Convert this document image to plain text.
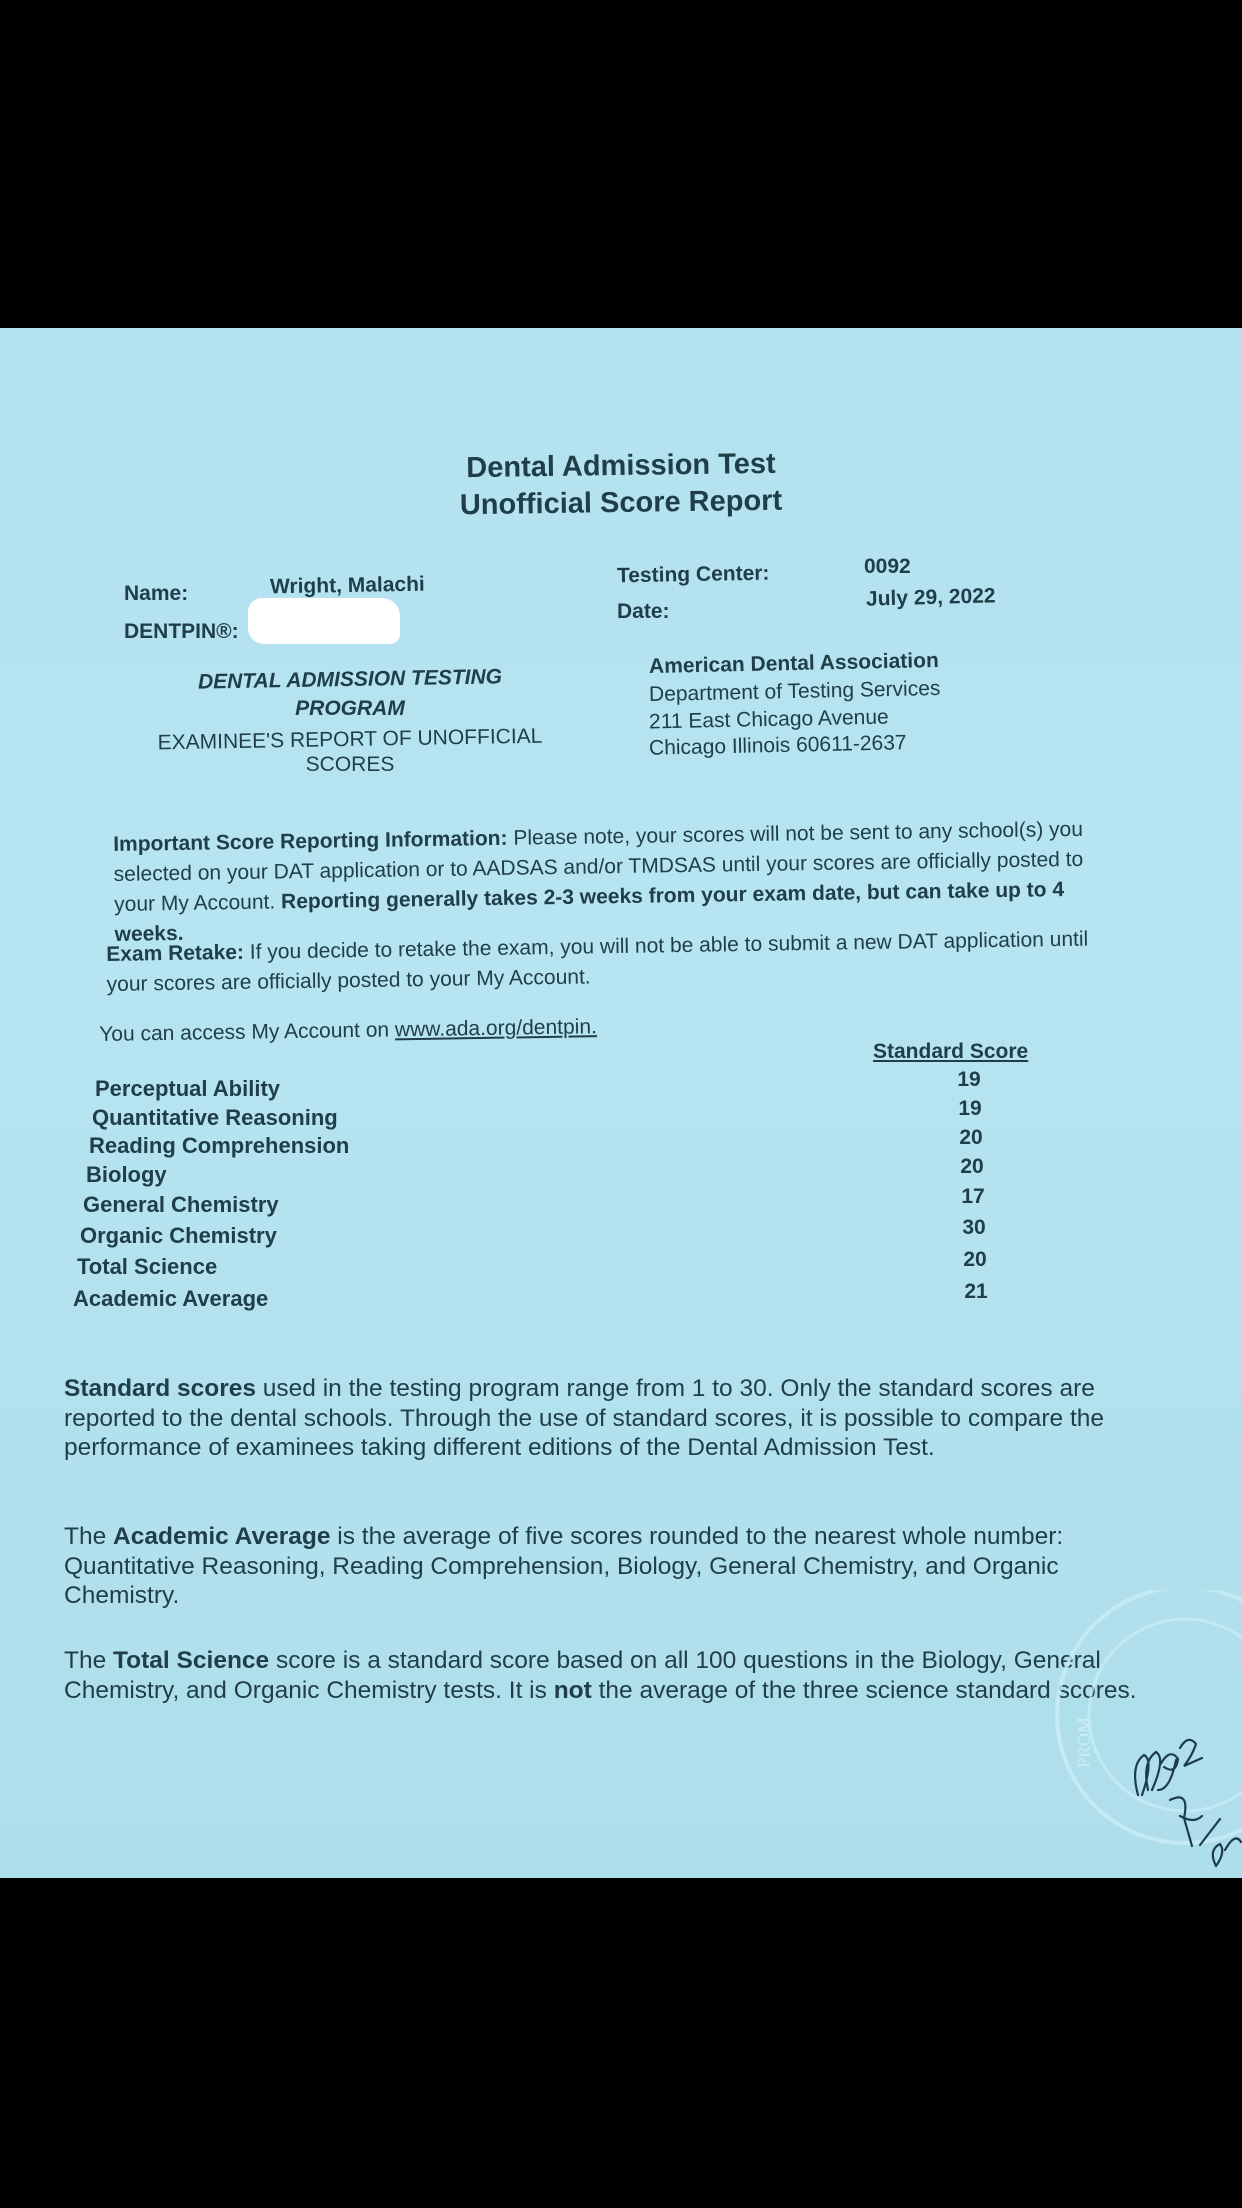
Dental Admission Test
Unofficial Score Report
Name:	Wright, Malachi
DENTPIN®:
Testing Center:	0092
Date:
July 29, 2022
DENTAL ADMISSION TESTING
PROGRAM
EXAMINEE'S REPORT OF UNOFFICIAL
SCORES
American Dental Association
Department of Testing Services
211 East Chicago Avenue
Chicago Illinois 60611-2637
Important Score Reporting Information: Please note, your scores will not be sent to any school(s) you selected on your DAT application or to AADSAS and/or TMDSAS until your scores are officially posted to your My Account. Reporting generally takes 2-3 weeks from your exam date, but can take up to 4 weeks.
Exam Retake: If you decide to retake the exam, you will not be able to submit a new DAT application until your scores are officially posted to your My Account.
You can access My Account on www.ada.org/dentpin.
Standard Score
Perceptual Ability	19
Quantitative Reasoning	19
Reading Comprehension	20
Biology	20
General Chemistry	17
Organic Chemistry	30
Total Science	20
Academic Average	21
Standard scores used in the testing program range from 1 to 30. Only the standard scores are reported to the dental schools. Through the use of standard scores, it is possible to compare the performance of examinees taking different editions of the Dental Admission Test.
The Academic Average is the average of five scores rounded to the nearest whole number: Quantitative Reasoning, Reading Comprehension, Biology, General Chemistry, and Organic Chemistry.
The Total Science score is a standard score based on all 100 questions in the Biology, General Chemistry, and Organic Chemistry tests. It is not the average of the three science standard scores.
PROM
